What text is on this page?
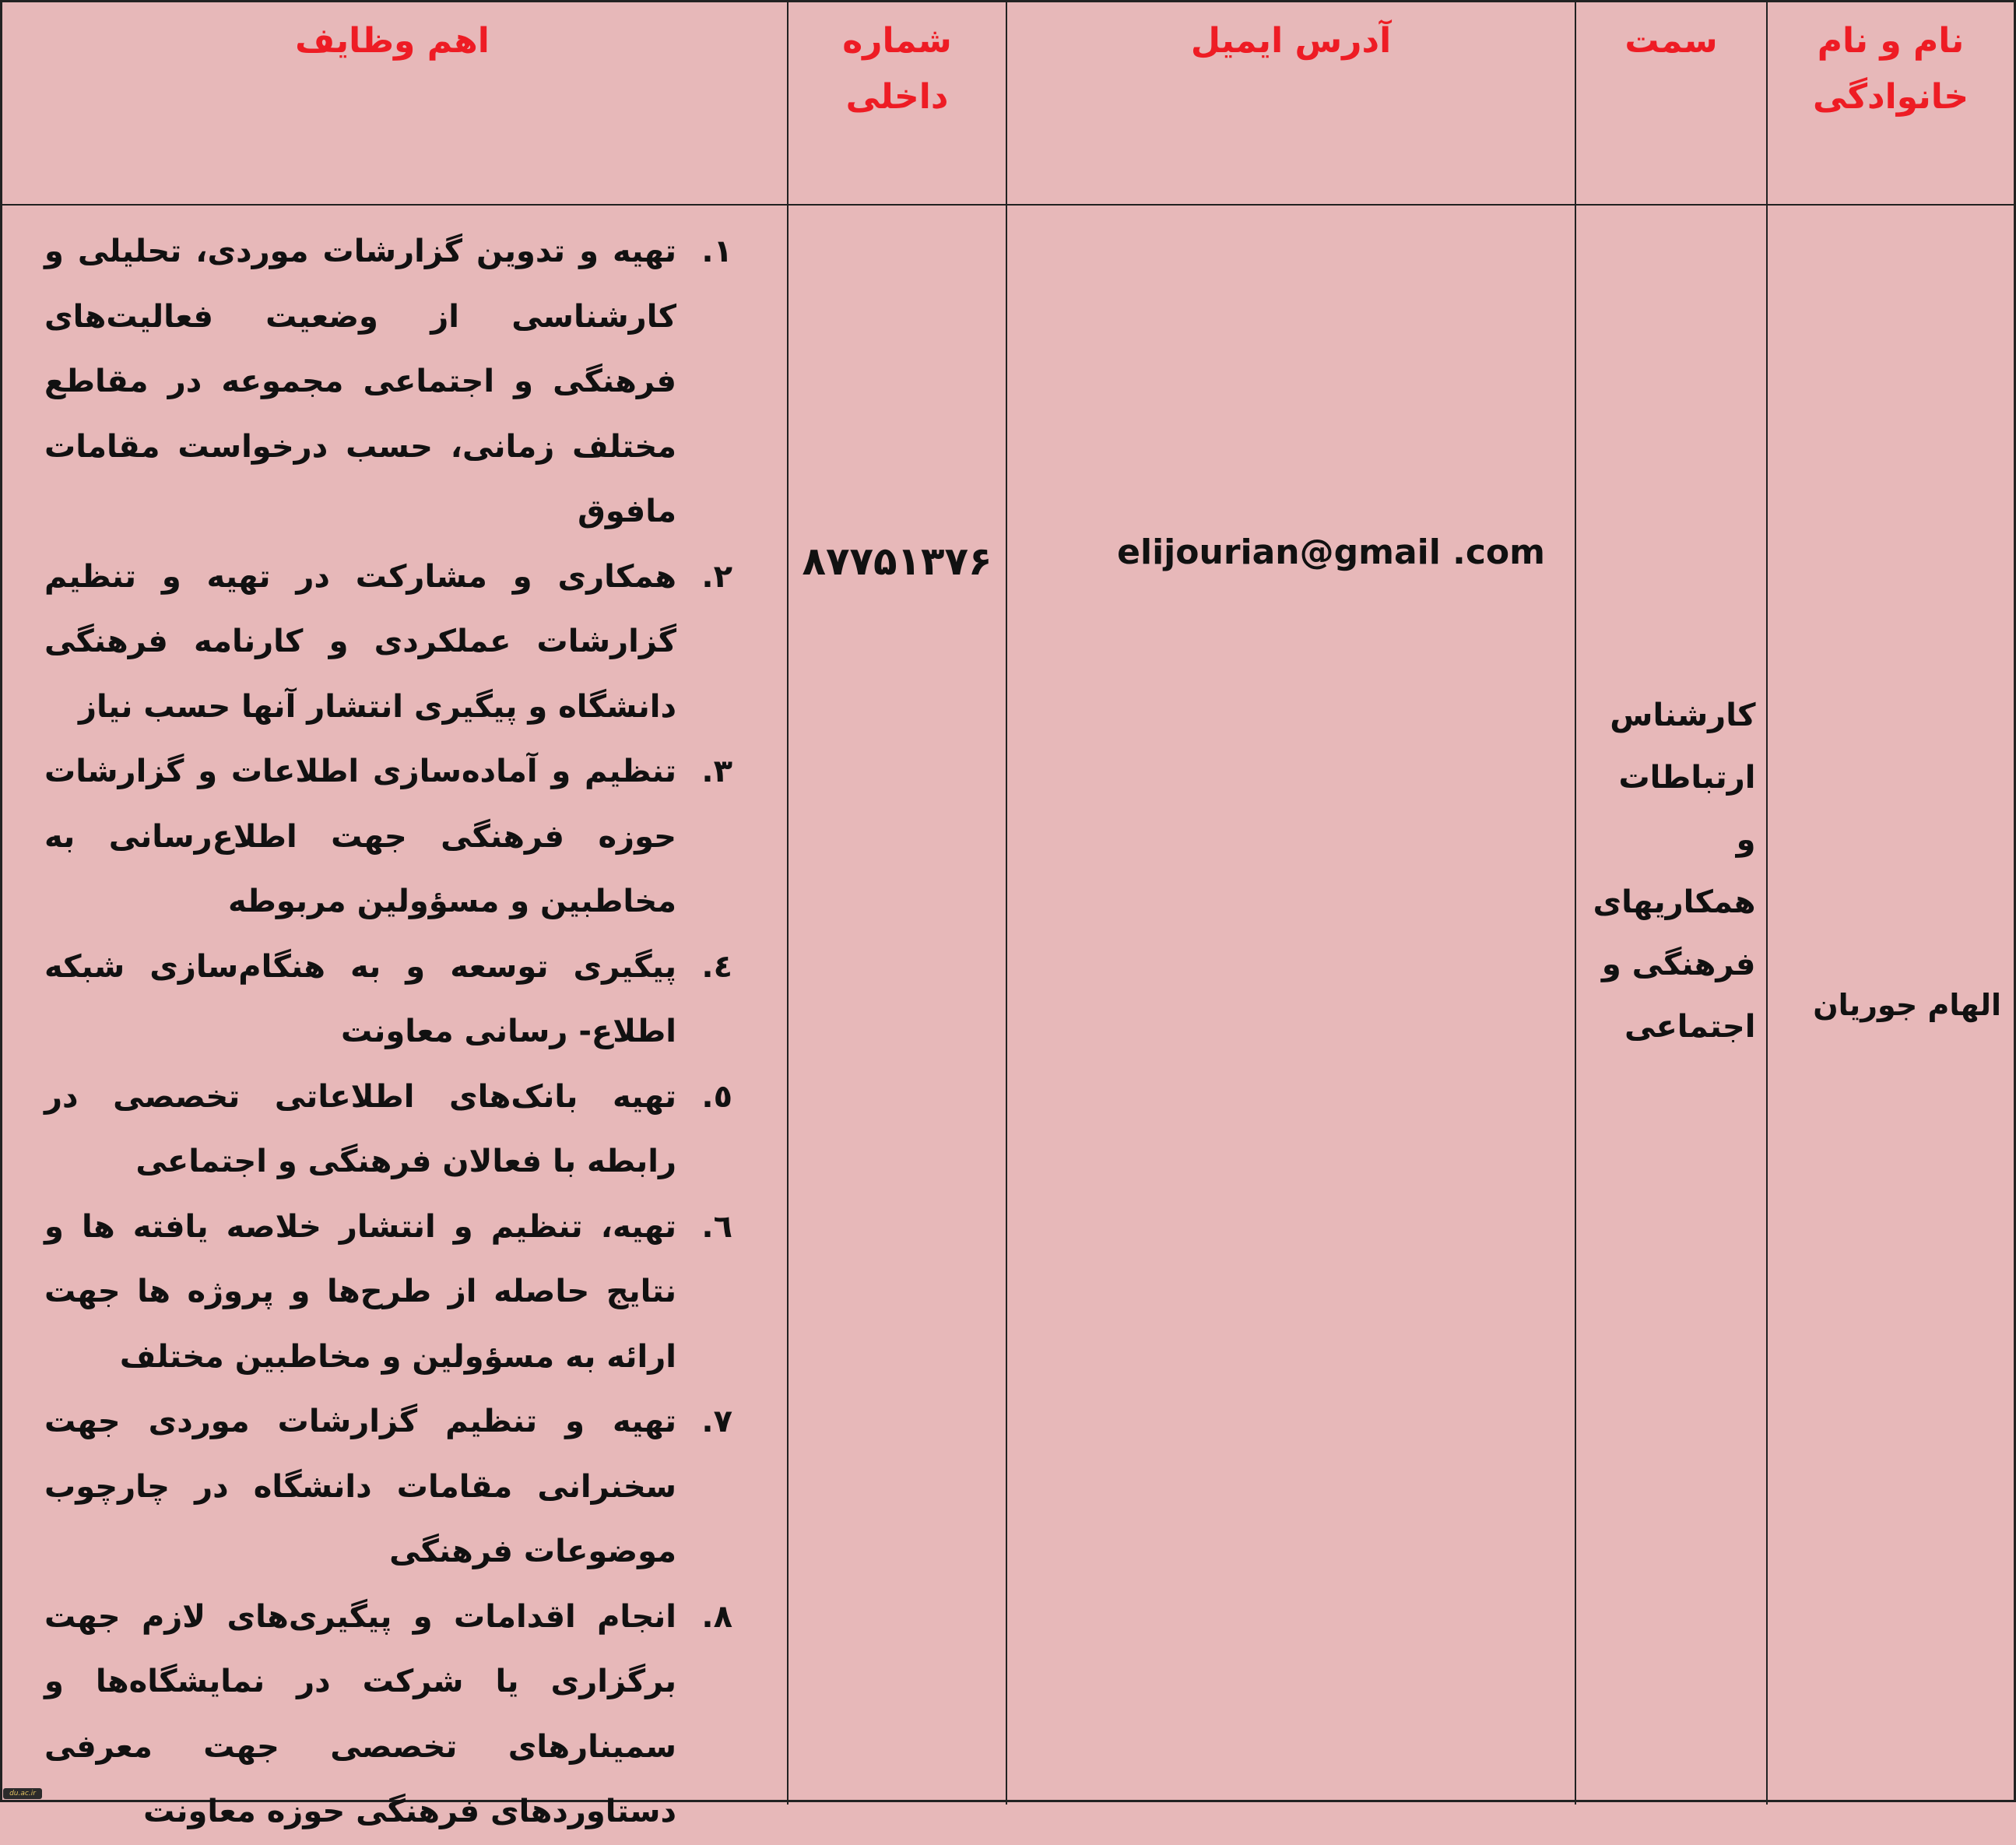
نام و نام خانوادگی
سمت
آدرس ایمیل
شماره داخلی
اهم وظایف
الهام جوریان
کارشناس ارتباطات و همکاریهای فرهنگی و اجتماعی
elijourian@gmail .com
۸۷۷۵۱۳۷۶
۱.
تهیه و تدوین گزارشات موردی، تحلیلی و کارشناسی از وضعیت فعالیت‌های فرهنگی و اجتماعی مجموعه در مقاطع مختلف زمانی، حسب درخواست مقامات مافوق
۲.
همکاری و مشارکت در تهیه و تنظیم گزارشات عملکردی و کارنامه فرهنگی دانشگاه و پیگیری انتشار آنها حسب نیاز
۳.
تنظیم و آماده‌سازی اطلاعات و گزارشات حوزه فرهنگی جهت اطلاع‌رسانی به مخاطبین و مسؤولین مربوطه
٤.
پیگیری توسعه و به هنگام‌سازی شبکه اطلاع- رسانی معاونت
٥.
تهیه بانک‌های اطلاعاتی تخصصی در رابطه با فعالان فرهنگی و اجتماعی
٦.
تهیه، تنظیم و انتشار خلاصه یافته ها و نتایج حاصله از طرح‌ها و پروژه ها جهت ارائه به مسؤولین و مخاطبین مختلف
۷.
تهیه و تنظیم گزارشات موردی جهت سخنرانی مقامات دانشگاه در چارچوب موضوعات فرهنگی
۸.
انجام اقدامات و پیگیری‌های لازم جهت برگزاری یا شرکت در نمایشگاه‌ها و سمینارهای تخصصی جهت معرفی دستاوردهای فرهنگی حوزه معاونت
du.ac.ir
